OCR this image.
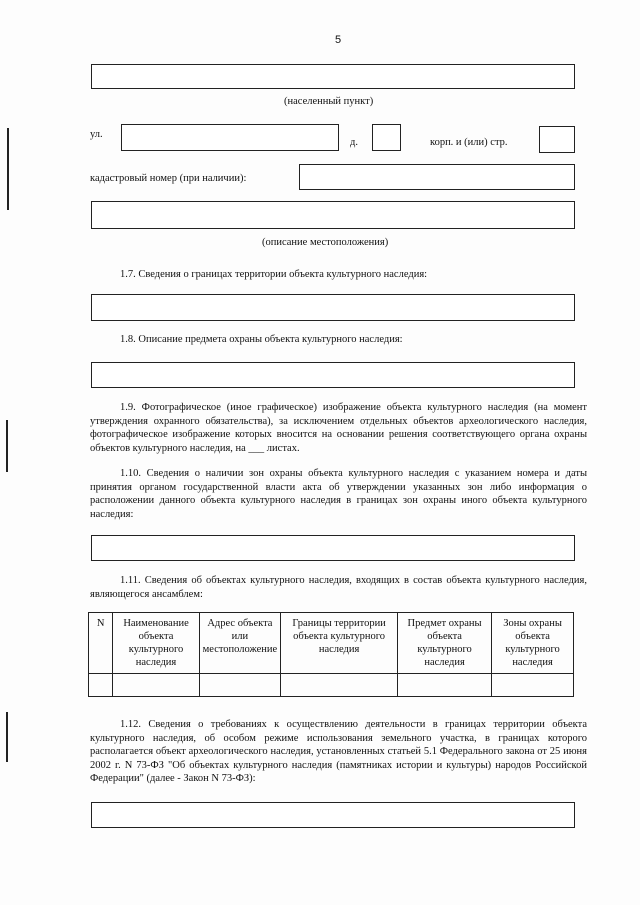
5
(населенный пункт)
ул.
д.	корп. и (или) стр.
кадастровый номер (при наличии):
(описание местоположения)
1.7. Сведения о границах территории объекта культурного наследия:
1.8. Описание предмета охраны объекта культурного наследия:
1.9. Фотографическое (иное графическое) изображение объекта культурного наследия (на момент утверждения охранного обязательства), за исключением отдельных объектов археологического наследия, фотографическое изображение которых вносится на основании решения соответствующего органа охраны объектов культурного наследия, на ___ листах.
1.10. Сведения о наличии зон охраны объекта культурного наследия с указанием номера и даты принятия органом государственной власти акта об утверждении указанных зон либо информация о расположении данного объекта культурного наследия в границах зон охраны иного объекта культурного наследия:
1.11. Сведения об объектах культурного наследия, входящих в состав объекта культурного наследия, являющегося ансамблем:
N	Наименование объекта культурного наследия	Адрес объекта или местоположение	Границы территории объекта культурного наследия	Предмет охраны объекта культурного наследия	Зоны охраны объекта культурного наследия

1.12. Сведения о требованиях к осуществлению деятельности в границах территории объекта культурного наследия, об особом режиме использования земельного участка, в границах которого располагается объект археологического наследия, установленных статьей 5.1 Федерального закона от 25 июня 2002 г. N 73-ФЗ "Об объектах культурного наследия (памятниках истории и культуры) народов Российской Федерации" (далее - Закон N 73-ФЗ):
